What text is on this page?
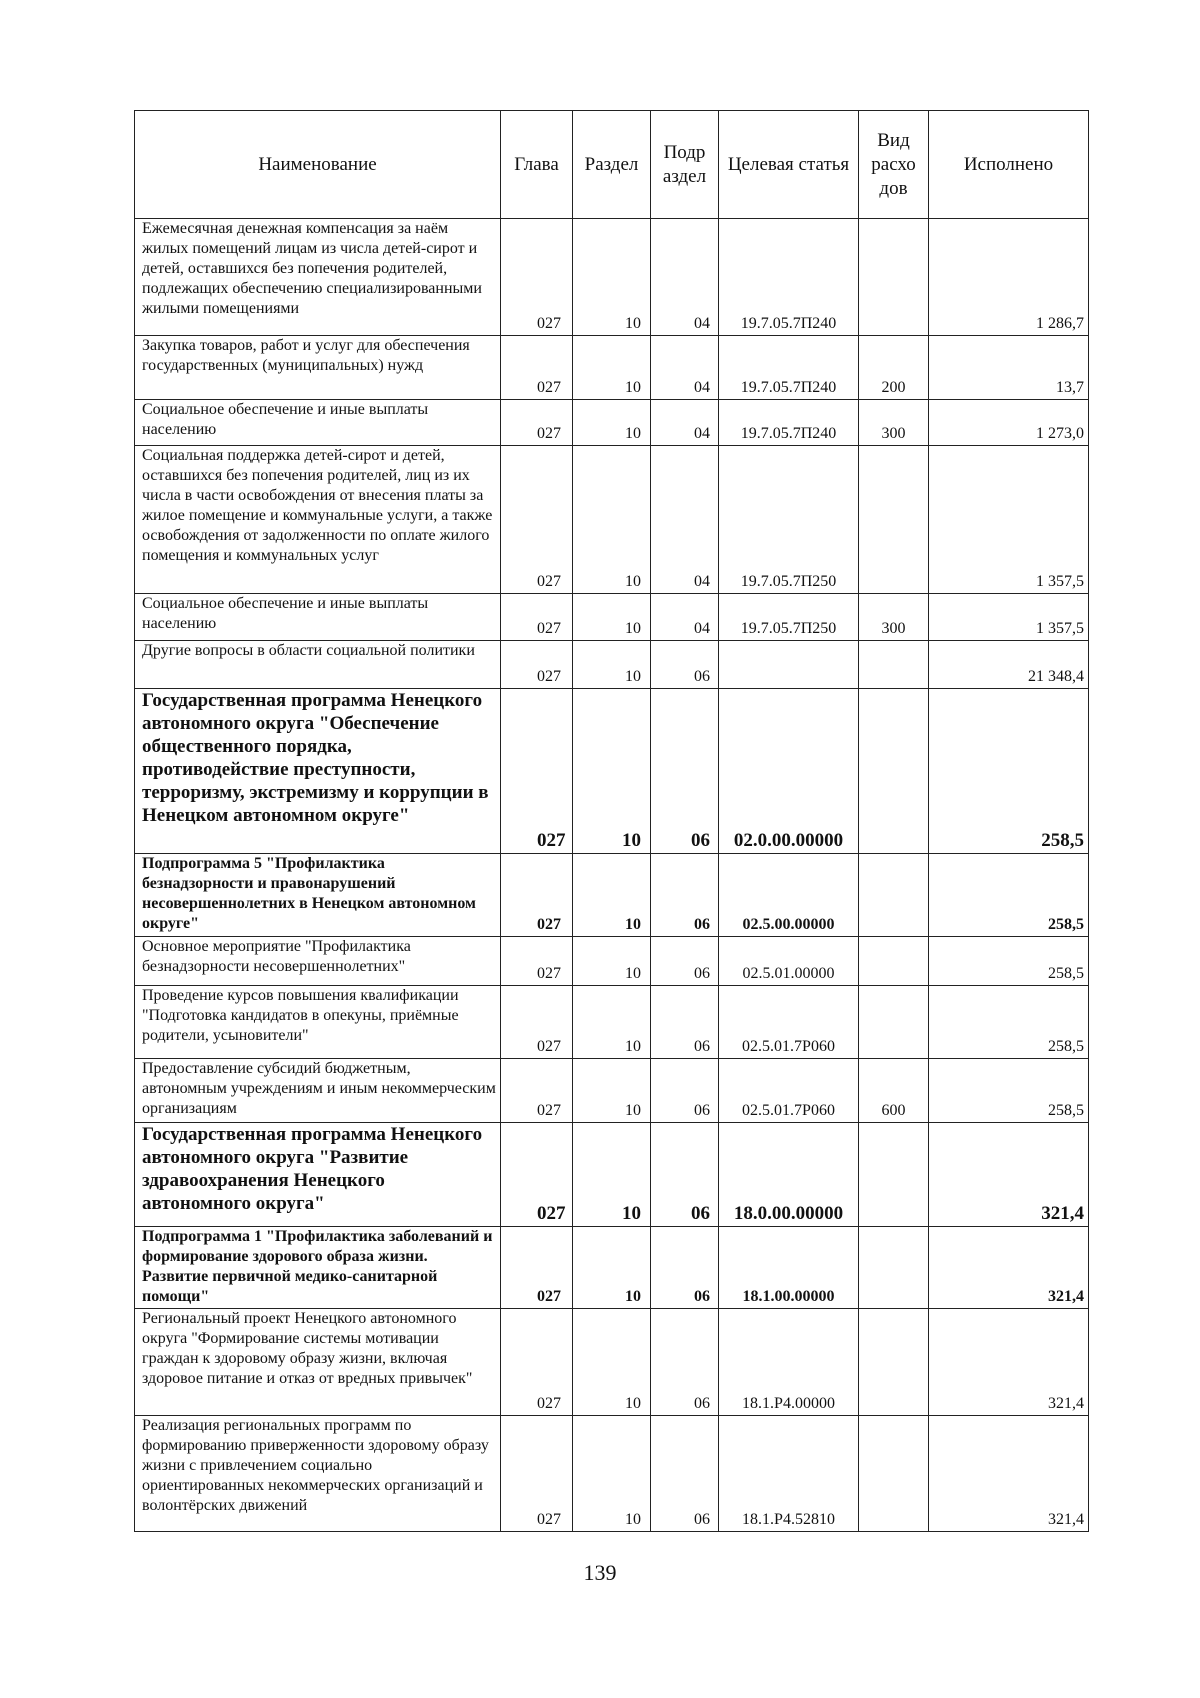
Наименование	Глава	Раздел	Подр аздел	Целевая статья	Вид расхо дов	Исполнено
Ежемесячная денежная компенсация за наём жилых помещений лицам из числа детей-сирот и детей, оставшихся без попечения родителей, подлежащих обеспечению специализированными жилыми помещениями	027	10	04	19.7.05.7П240		1 286,7
Закупка товаров, работ и услуг для обеспечения государственных (муниципальных) нужд	027	10	04	19.7.05.7П240	200	13,7
Социальное обеспечение и иные выплаты населению	027	10	04	19.7.05.7П240	300	1 273,0
Социальная поддержка детей-сирот и детей, оставшихся без попечения родителей, лиц из их числа в части освобождения от внесения платы за жилое помещение и коммунальные услуги, а также освобождения от задолженности по оплате жилого помещения и коммунальных услуг	027	10	04	19.7.05.7П250		1 357,5
Социальное обеспечение и иные выплаты населению	027	10	04	19.7.05.7П250	300	1 357,5
Другие вопросы в области социальной политики	027	10	06			21 348,4
Государственная программа Ненецкого автономного округа "Обеспечение общественного порядка, противодействие преступности, терроризму, экстремизму и коррупции в Ненецком автономном округе"	027	10	06	02.0.00.00000		258,5
Подпрограмма 5 "Профилактика безнадзорности и правонарушений несовершеннолетних в Ненецком автономном округе"	027	10	06	02.5.00.00000		258,5
Основное мероприятие "Профилактика безнадзорности несовершеннолетних"	027	10	06	02.5.01.00000		258,5
Проведение курсов повышения квалификации "Подготовка кандидатов в опекуны, приёмные родители, усыновители"	027	10	06	02.5.01.7Р060		258,5
Предоставление субсидий бюджетным, автономным учреждениям и иным некоммерческим организациям	027	10	06	02.5.01.7Р060	600	258,5
Государственная программа Ненецкого автономного округа "Развитие здравоохранения Ненецкого автономного округа"	027	10	06	18.0.00.00000		321,4
Подпрограмма 1 "Профилактика заболеваний и формирование здорового образа жизни. Развитие первичной медико-санитарной помощи"	027	10	06	18.1.00.00000		321,4
Региональный проект Ненецкого автономного округа "Формирование системы мотивации граждан к здоровому образу жизни, включая здоровое питание и отказ от вредных привычек"	027	10	06	18.1.Р4.00000		321,4
Реализация региональных программ по формированию приверженности здоровому образу жизни с привлечением социально ориентированных некоммерческих организаций и волонтёрских движений	027	10	06	18.1.Р4.52810		321,4
139
